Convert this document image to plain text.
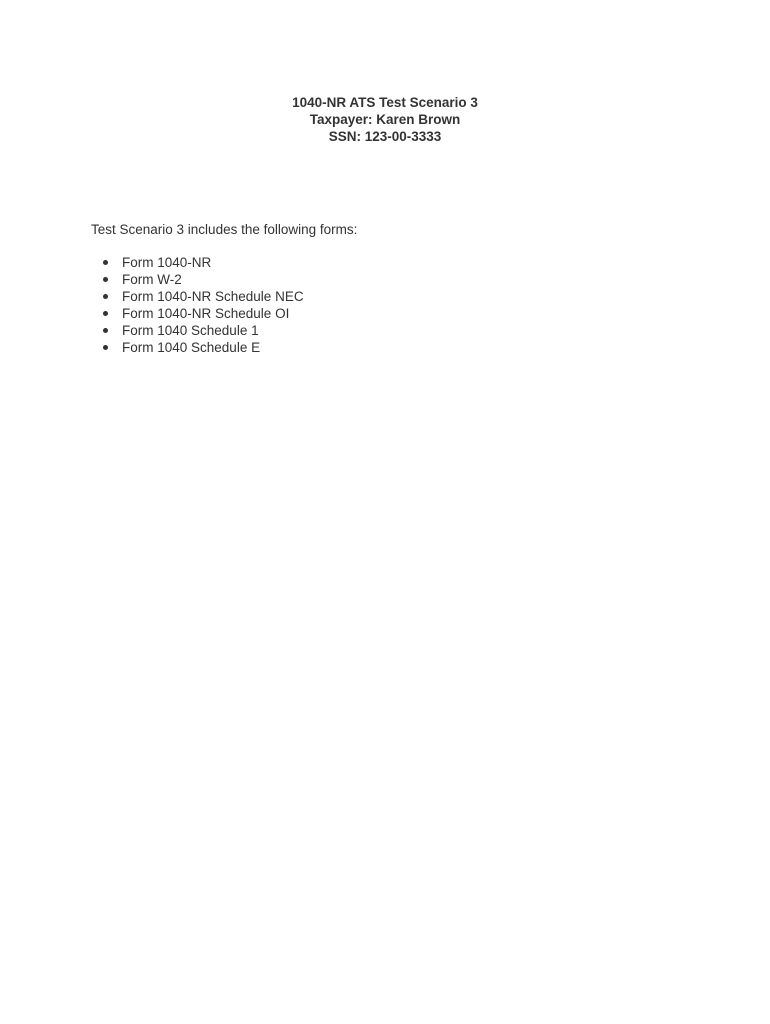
1040-NR ATS Test Scenario 3
Taxpayer: Karen Brown
SSN: 123-00-3333
Test Scenario 3 includes the following forms:
Form 1040-NR
Form W-2
Form 1040-NR Schedule NEC
Form 1040-NR Schedule OI
Form 1040 Schedule 1
Form 1040 Schedule E
